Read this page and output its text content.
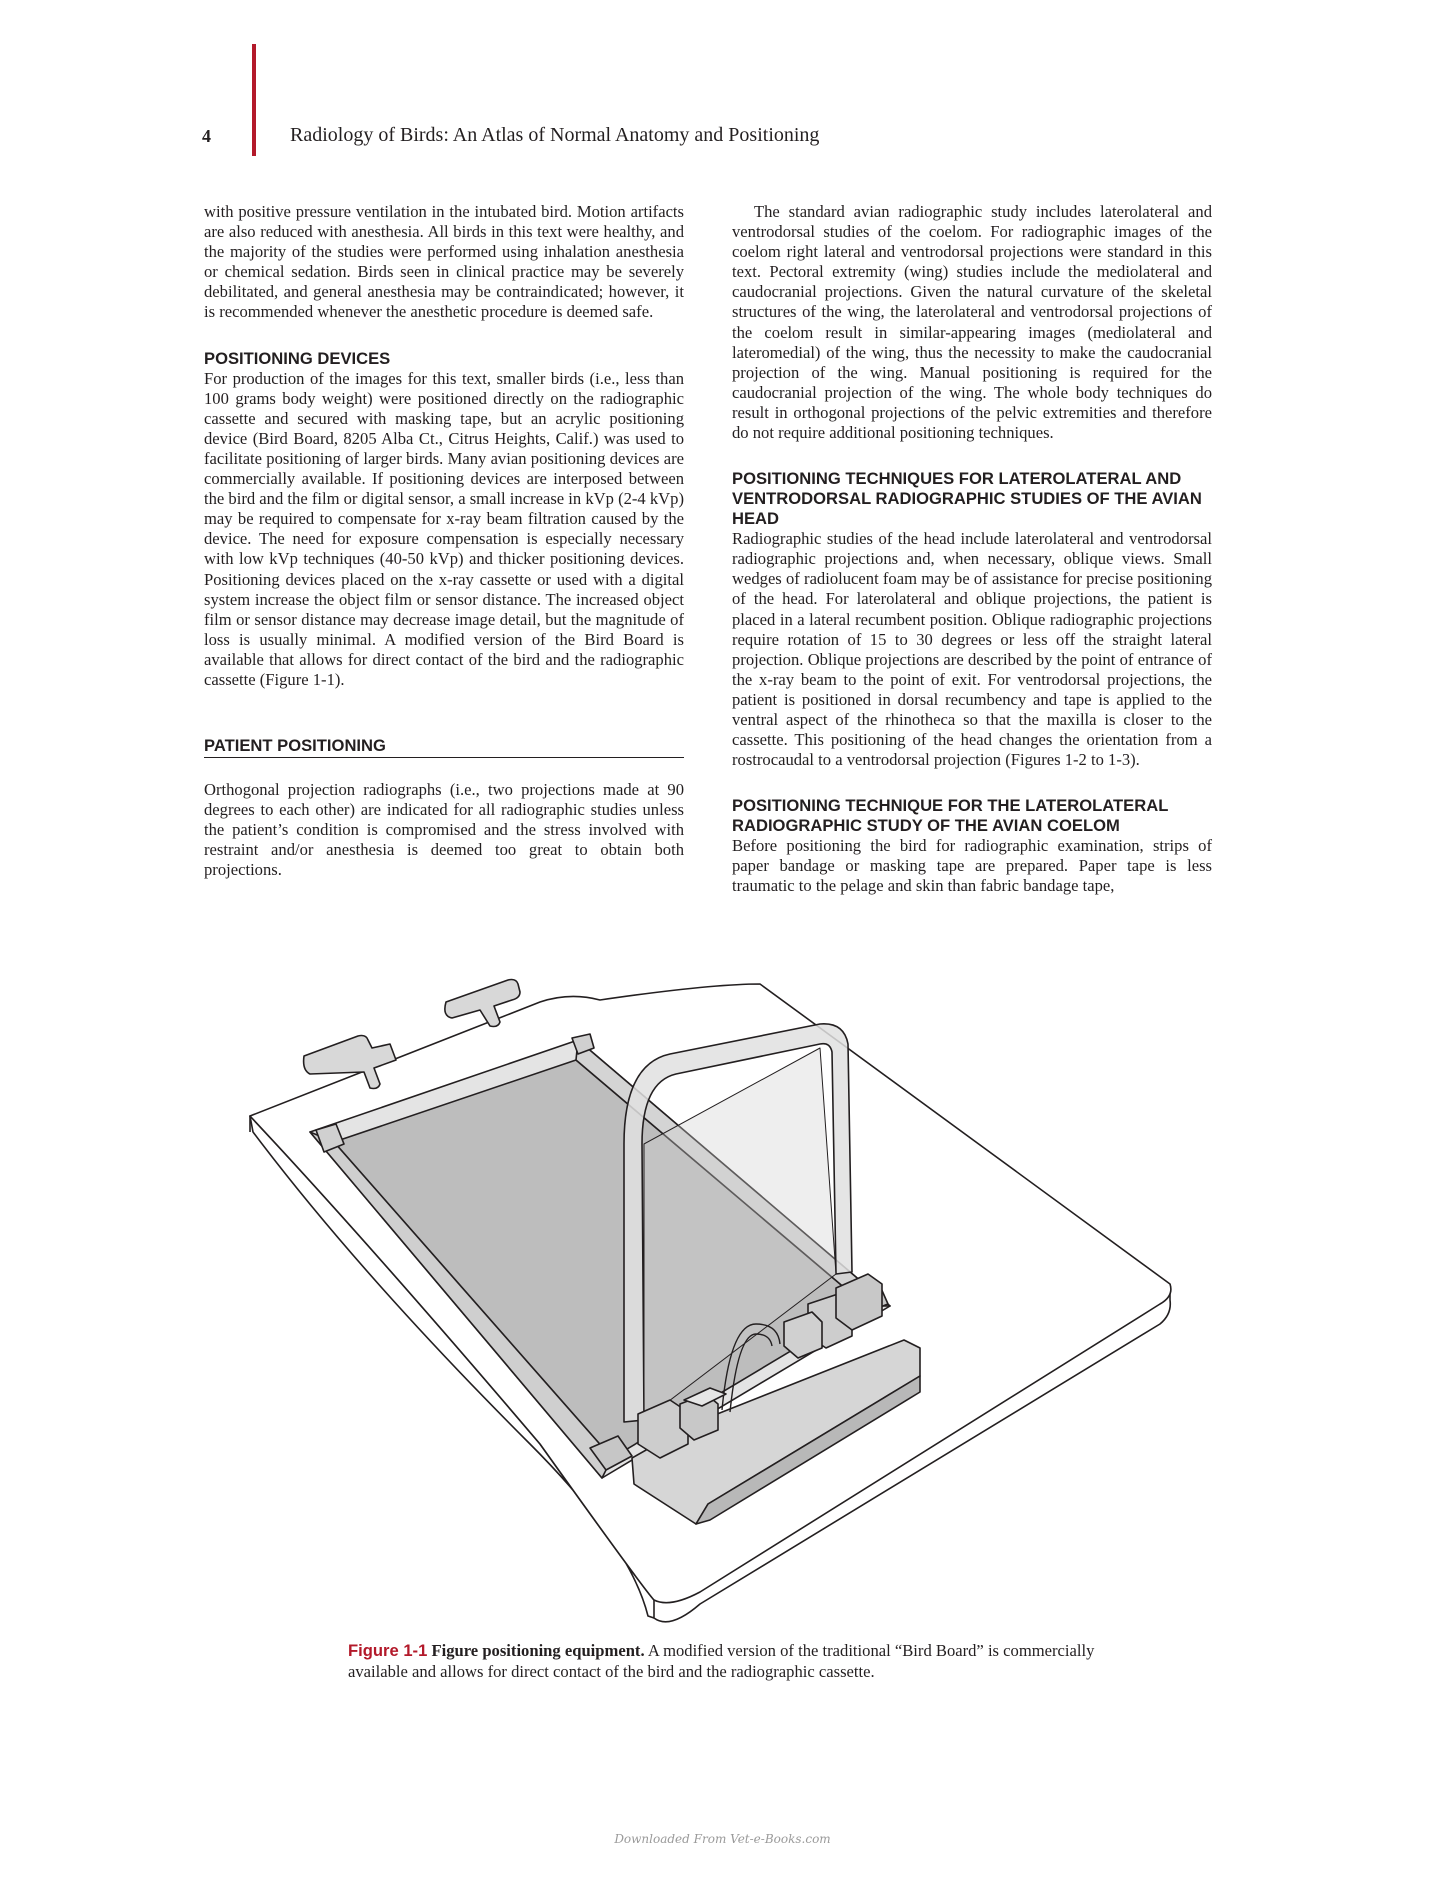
4	Radiology of Birds: An Atlas of Normal Anatomy and Positioning

with positive pressure ventilation in the intubated bird. Motion artifacts are also reduced with anesthesia. All birds in this text were healthy, and the majority of the studies were performed using inhalation anesthesia or chemical sedation. Birds seen in clinical practice may be severely debilitated, and general anesthesia may be contraindicated; however, it is recommended whenever the anesthetic procedure is deemed safe.

POSITIONING DEVICES

For production of the images for this text, smaller birds (i.e., less than 100 grams body weight) were positioned directly on the radiographic cassette and secured with masking tape, but an acrylic positioning device (Bird Board, 8205 Alba Ct., Citrus Heights, Calif.) was used to facilitate positioning of larger birds. Many avian positioning devices are commercially available. If positioning devices are interposed between the bird and the film or digital sensor, a small increase in kVp (2-4 kVp) may be required to compensate for x-ray beam filtration caused by the device. The need for exposure compensation is especially necessary with low kVp techniques (40-50 kVp) and thicker positioning devices. Positioning devices placed on the x-ray cassette or used with a digital system increase the object film or sensor distance. The increased object film or sensor distance may decrease image detail, but the magnitude of loss is usually minimal. A modified version of the Bird Board is available that allows for direct contact of the bird and the radiographic cassette (Figure 1-1).

PATIENT POSITIONING

Orthogonal projection radiographs (i.e., two projections made at 90 degrees to each other) are indicated for all radiographic studies unless the patient’s condition is compromised and the stress involved with restraint and/or anesthesia is deemed too great to obtain both projections.

The standard avian radiographic study includes laterolateral and ventrodorsal studies of the coelom. For radiographic images of the coelom right lateral and ventrodorsal projections were standard in this text. Pectoral extremity (wing) studies include the mediolateral and caudocranial projections. Given the natural curvature of the skeletal structures of the wing, the laterolateral and ventrodorsal projections of the coelom result in similar-appearing images (mediolateral and lateromedial) of the wing, thus the necessity to make the caudocranial projection of the wing. Manual positioning is required for the caudocranial projection of the wing. The whole body techniques do result in orthogonal projections of the pelvic extremities and therefore do not require additional positioning techniques.

POSITIONING TECHNIQUES FOR LATEROLATERAL AND VENTRODORSAL RADIOGRAPHIC STUDIES OF THE AVIAN HEAD

Radiographic studies of the head include laterolateral and ventrodorsal radiographic projections and, when necessary, oblique views. Small wedges of radiolucent foam may be of assistance for precise positioning of the head. For laterolateral and oblique projections, the patient is placed in a lateral recumbent position. Oblique radiographic projections require rotation of 15 to 30 degrees or less off the straight lateral projection. Oblique projections are described by the point of entrance of the x-ray beam to the point of exit. For ventrodorsal projections, the patient is positioned in dorsal recumbency and tape is applied to the ventral aspect of the rhinotheca so that the maxilla is closer to the cassette. This positioning of the head changes the orientation from a rostrocaudal to a ventrodorsal projection (Figures 1-2 to 1-3).

POSITIONING TECHNIQUE FOR THE LATEROLATERAL RADIOGRAPHIC STUDY OF THE AVIAN COELOM

Before positioning the bird for radiographic examination, strips of paper bandage or masking tape are prepared. Paper tape is less traumatic to the pelage and skin than fabric bandage tape,

Figure 1-1 Figure positioning equipment. A modified version of the traditional “Bird Board” is commercially available and allows for direct contact of the bird and the radiographic cassette.
Downloaded From Vet-e-Books.com
